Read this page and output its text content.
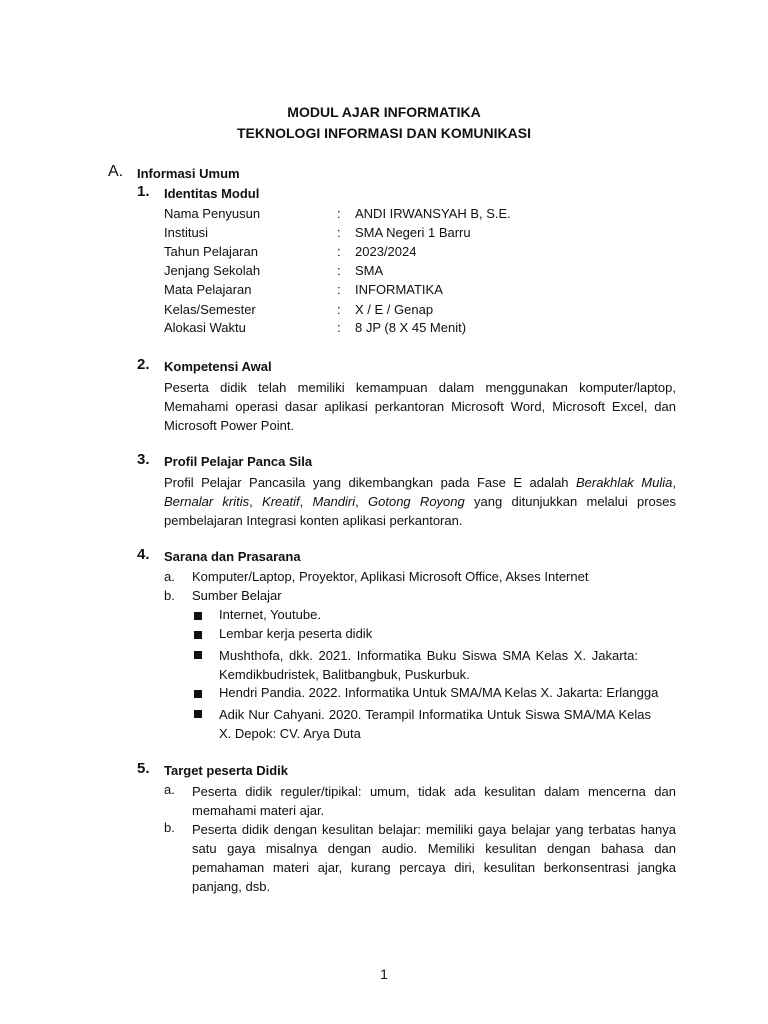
MODUL AJAR INFORMATIKA
TEKNOLOGI INFORMASI DAN KOMUNIKASI
A. Informasi Umum
1. Identitas Modul
Nama Penyusun	: ANDI IRWANSYAH B, S.E.
Institusi	: SMA Negeri 1 Barru
Tahun Pelajaran	: 2023/2024
Jenjang Sekolah	: SMA
Mata Pelajaran	: INFORMATIKA
Kelas/Semester	: X / E / Genap
Alokasi Waktu	: 8 JP (8 X 45 Menit)
2. Kompetensi Awal
Peserta didik telah memiliki kemampuan dalam menggunakan komputer/laptop, Memahami operasi dasar aplikasi perkantoran Microsoft Word, Microsoft Excel, dan Microsoft Power Point.
3. Profil Pelajar Panca Sila
Profil Pelajar Pancasila yang dikembangkan pada Fase E adalah Berakhlak Mulia, Bernalar kritis, Kreatif, Mandiri, Gotong Royong yang ditunjukkan melalui proses pembelajaran Integrasi konten aplikasi perkantoran.
4. Sarana dan Prasarana
a. Komputer/Laptop, Proyektor, Aplikasi Microsoft Office, Akses Internet
b. Sumber Belajar
Internet, Youtube.
Lembar kerja peserta didik
Mushthofa, dkk. 2021. Informatika Buku Siswa SMA Kelas X. Jakarta: Kemdikbudristek, Balitbangbuk, Puskurbuk.
Hendri Pandia. 2022. Informatika Untuk SMA/MA Kelas X. Jakarta: Erlangga
Adik Nur Cahyani. 2020. Terampil Informatika Untuk Siswa SMA/MA Kelas X. Depok: CV. Arya Duta
5. Target peserta Didik
a. Peserta didik reguler/tipikal: umum, tidak ada kesulitan dalam mencerna dan memahami materi ajar.
b. Peserta didik dengan kesulitan belajar: memiliki gaya belajar yang terbatas hanya satu gaya misalnya dengan audio. Memiliki kesulitan dengan bahasa dan pemahaman materi ajar, kurang percaya diri, kesulitan berkonsentrasi jangka panjang, dsb.
1
